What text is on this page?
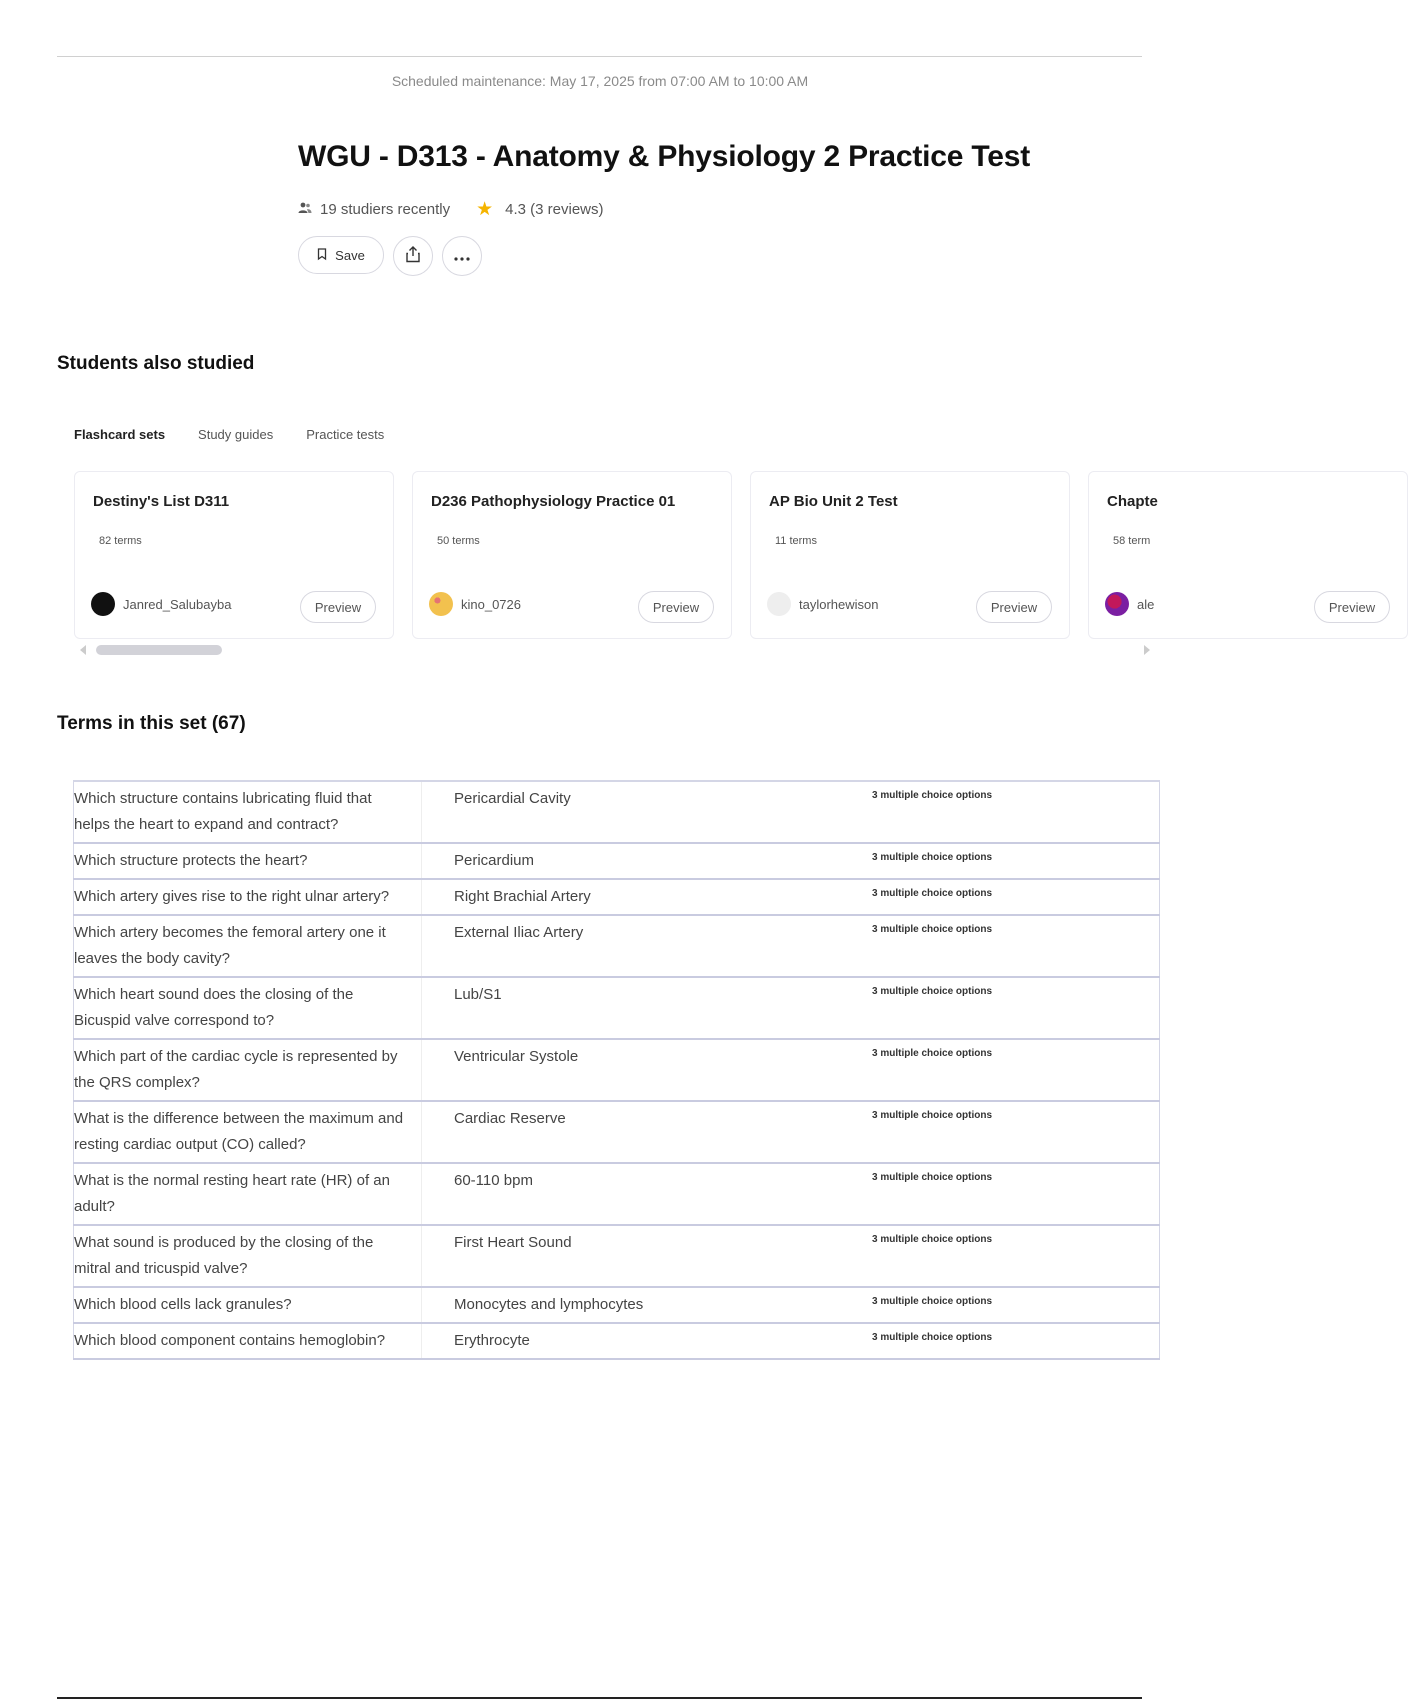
Scheduled maintenance: May 17, 2025 from 07:00 AM to 10:00 AM
WGU - D313 - Anatomy & Physiology 2 Practice Test
19 studiers recently ★ 4.3 (3 reviews)
Save
Students also studied
Flashcard sets	Study guides	Practice tests
Destiny's List D311
82 terms
Janred_Salubayba	Preview
D236 Pathophysiology Practice 01
50 terms
kino_0726	Preview
AP Bio Unit 2 Test
11 terms
taylorhewison	Preview
Chapte
58 term
ale	Preview
Terms in this set (67)
Which structure contains lubricating fluid that helps the heart to expand and contract?	Pericardial Cavity	3 multiple choice options
Which structure protects the heart?	Pericardium	3 multiple choice options
Which artery gives rise to the right ulnar artery?	Right Brachial Artery	3 multiple choice options
Which artery becomes the femoral artery one it leaves the body cavity?	External Iliac Artery	3 multiple choice options
Which heart sound does the closing of the Bicuspid valve correspond to?	Lub/S1	3 multiple choice options
Which part of the cardiac cycle is represented by the QRS complex?	Ventricular Systole	3 multiple choice options
What is the difference between the maximum and resting cardiac output (CO) called?	Cardiac Reserve	3 multiple choice options
What is the normal resting heart rate (HR) of an adult?	60-110 bpm	3 multiple choice options
What sound is produced by the closing of the mitral and tricuspid valve?	First Heart Sound	3 multiple choice options
Which blood cells lack granules?	Monocytes and lymphocytes	3 multiple choice options
Which blood component contains hemoglobin?	Erythrocyte	3 multiple choice options
